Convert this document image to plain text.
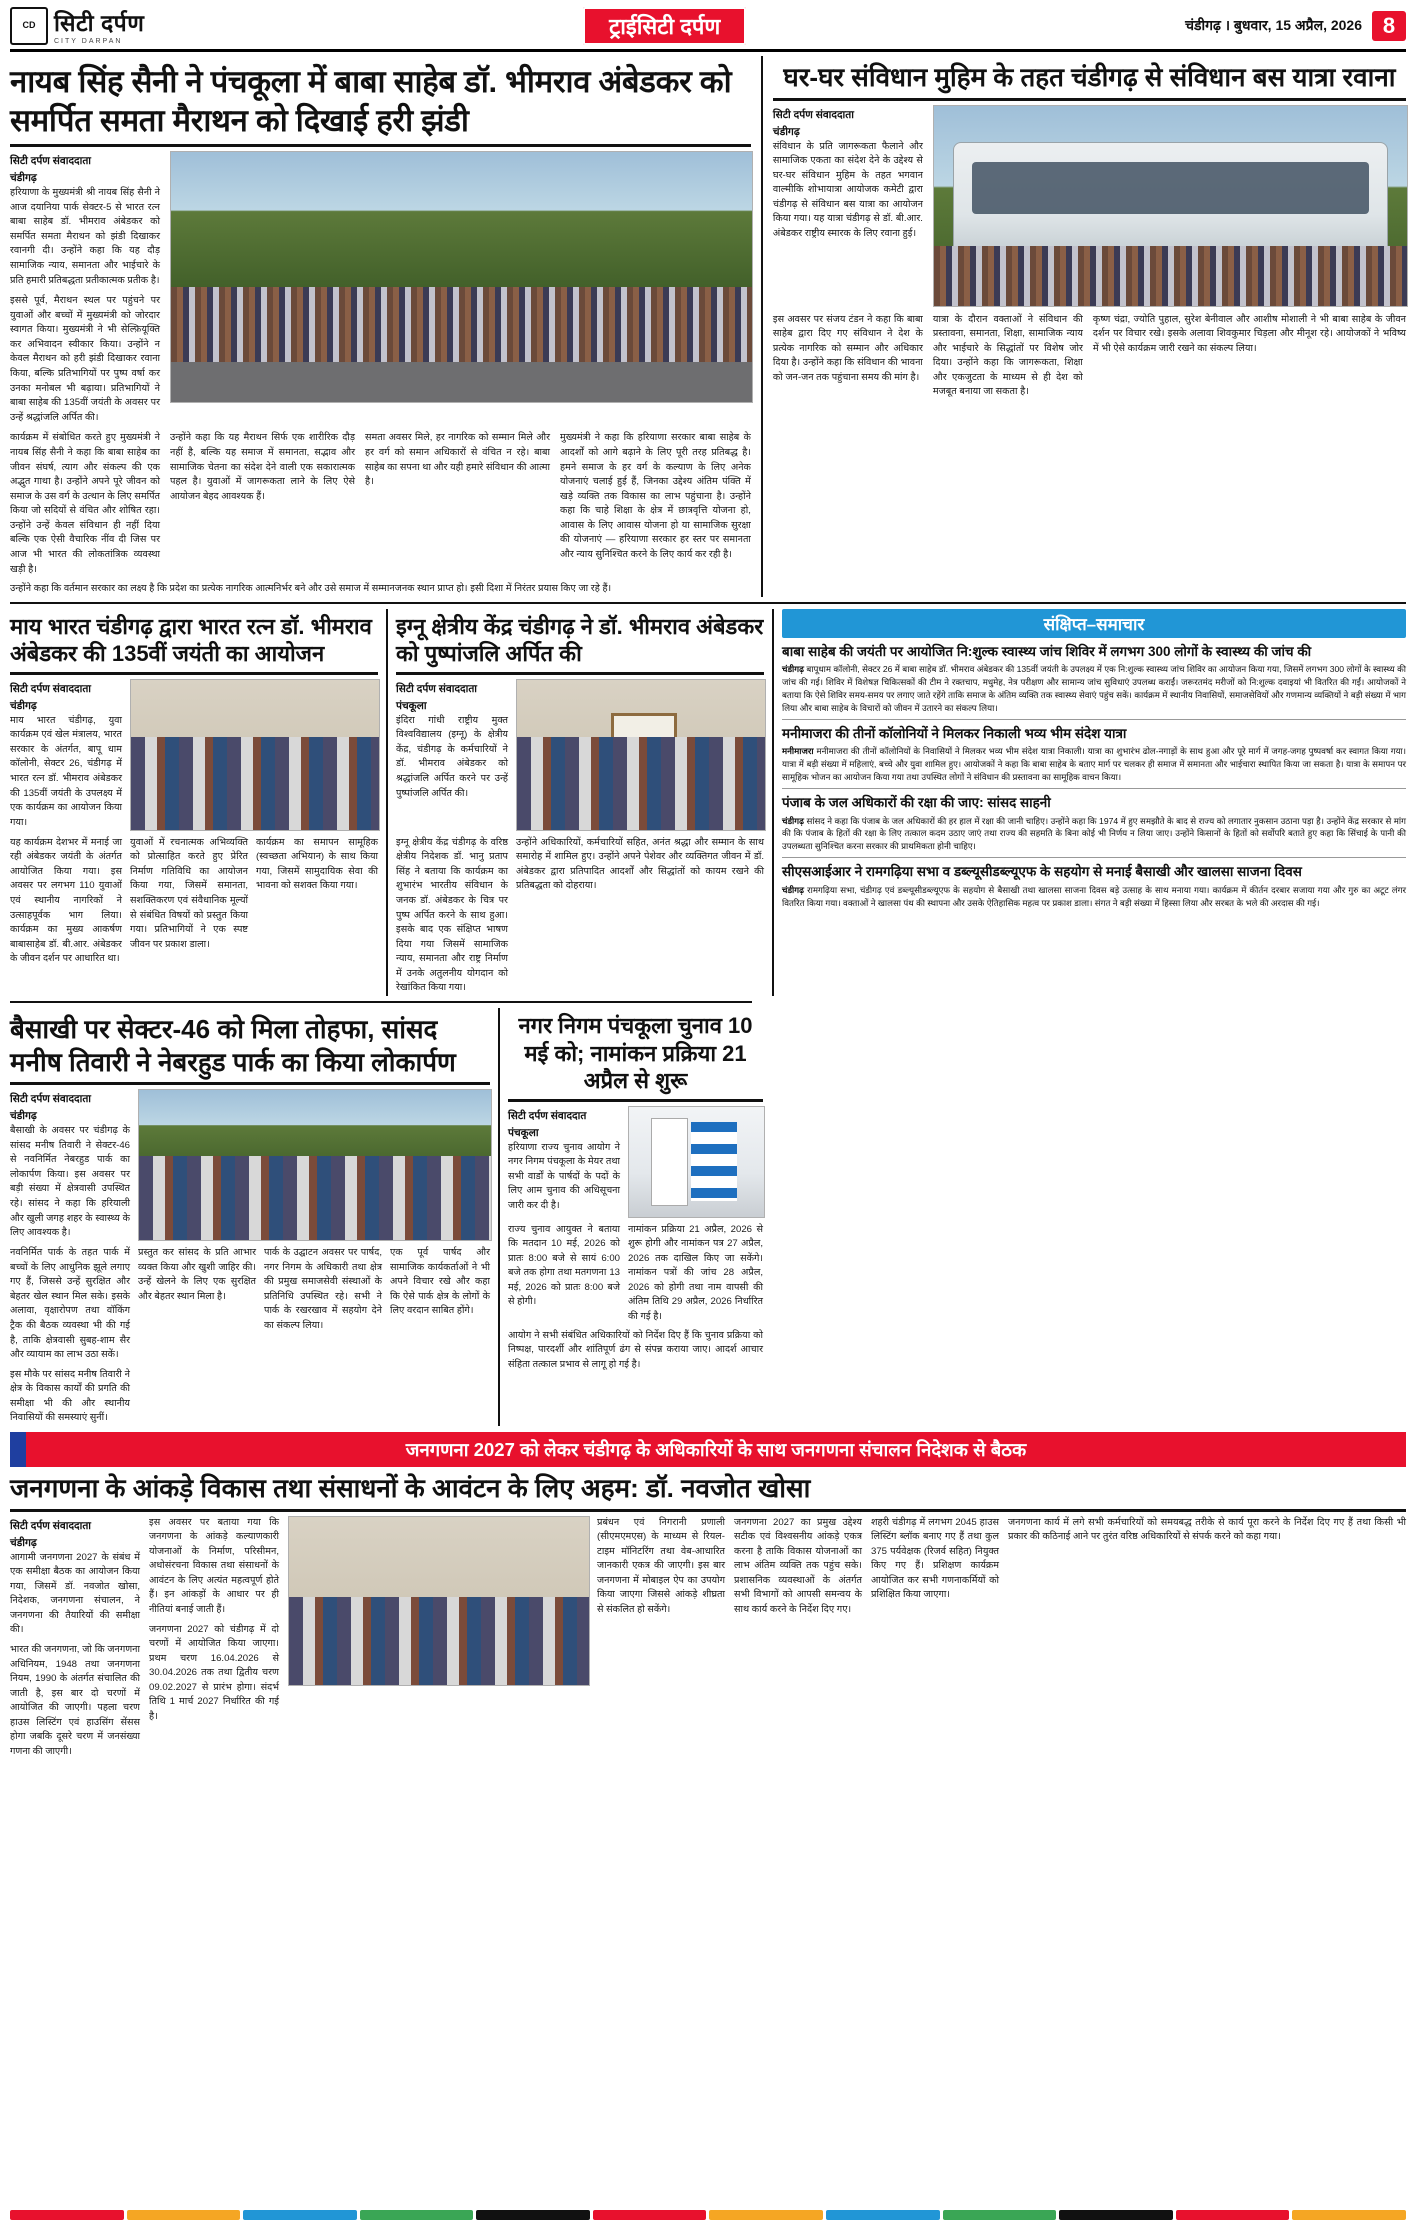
CD सिटी दर्पण
CITY DARPAN
ट्राईसिटी दर्पण	चंडीगढ़ । बुधवार, 15 अप्रैल, 2026 8
नायब सिंह सैनी ने पंचकूला में बाबा साहेब डॉ. भीमराव अंबेडकर को समर्पित समता मैराथन को दिखाई हरी झंडी
सिटी दर्पण संवाददाता
चंडीगढ़
हरियाणा के मुख्यमंत्री श्री नायब सिंह सैनी ने आज दयानिया पार्क सेक्टर-5 से भारत रत्न बाबा साहेब डॉ. भीमराव अंबेडकर को समर्पित समता मैराथन को झंडी दिखाकर रवानगी दी। उन्होंने कहा कि यह दौड़ सामाजिक न्याय, समानता और भाईचारे के प्रति हमारी प्रतिबद्धता प्रतीकात्मक प्रतीक है।
इससे पूर्व, मैराथन स्थल पर पहुंचने पर युवाओं और बच्चों में मुख्यमंत्री को जोरदार स्वागत किया। मुख्यमंत्री ने भी सेल्फ़ियूक्ति कर अभिवादन स्वीकार किया। उन्होंने न केवल मैराथन को हरी झंडी दिखाकर रवाना किया, बल्कि प्रतिभागियों पर पुष्प वर्षा कर उनका मनोबल भी बढ़ाया। प्रतिभागियों ने बाबा साहेब की 135वीं जयंती के अवसर पर उन्हें श्रद्धांजलि अर्पित की।
कार्यक्रम में संबोधित करते हुए मुख्यमंत्री ने नायब सिंह सैनी ने कहा कि बाबा साहेब का जीवन संघर्ष, त्याग और संकल्प की एक अद्भुत गाथा है। उन्होंने अपने पूरे जीवन को समाज के उस वर्ग के उत्थान के लिए समर्पित किया जो सदियों से वंचित और शोषित रहा। उन्होंने उन्हें केवल संविधान ही नहीं दिया बल्कि एक ऐसी वैचारिक नींव दी जिस पर आज भी भारत की लोकतांत्रिक व्यवस्था खड़ी है।
उन्होंने कहा कि यह मैराथन सिर्फ एक शारीरिक दौड़ नहीं है, बल्कि यह समाज में समानता, सद्भाव और सामाजिक चेतना का संदेश देने वाली एक सकारात्मक पहल है। युवाओं में जागरूकता लाने के लिए ऐसे आयोजन बेहद आवश्यक हैं।
समता अवसर मिले, हर नागरिक को सम्मान मिले और हर वर्ग को समान अधिकारों से वंचित न रहे। बाबा साहेब का सपना था और यही हमारे संविधान की आत्मा है।
मुख्यमंत्री ने कहा कि हरियाणा सरकार बाबा साहेब के आदर्शों को आगे बढ़ाने के लिए पूरी तरह प्रतिबद्ध है। हमने समाज के हर वर्ग के कल्याण के लिए अनेक योजनाएं चलाई हुई हैं, जिनका उद्देश्य अंतिम पंक्ति में खड़े व्यक्ति तक विकास का लाभ पहुंचाना है। उन्होंने कहा कि चाहे शिक्षा के क्षेत्र में छात्रवृत्ति योजना हो, आवास के लिए आवास योजना हो या सामाजिक सुरक्षा की योजनाएं — हरियाणा सरकार हर स्तर पर समानता और न्याय सुनिश्चित करने के लिए कार्य कर रही है।
उन्होंने कहा कि वर्तमान सरकार का लक्ष्य है कि प्रदेश का प्रत्येक नागरिक आत्मनिर्भर बने और उसे समाज में सम्मानजनक स्थान प्राप्त हो। इसी दिशा में निरंतर प्रयास किए जा रहे हैं।
घर-घर संविधान मुहिम के तहत चंडीगढ़ से संविधान बस यात्रा रवाना
सिटी दर्पण संवाददाता
चंडीगढ़
संविधान के प्रति जागरूकता फैलाने और सामाजिक एकता का संदेश देने के उद्देश्य से घर-घर संविधान मुहिम के तहत भगवान वाल्मीकि शोभायात्रा आयोजक कमेटी द्वारा चंडीगढ़ से संविधान बस यात्रा का आयोजन किया गया। यह यात्रा चंडीगढ़ से डॉ. बी.आर. अंबेडकर राष्ट्रीय स्मारक के लिए रवाना हुई।
इस अवसर पर संजय टंडन ने कहा कि बाबा साहेब द्वारा दिए गए संविधान ने देश के प्रत्येक नागरिक को सम्मान और अधिकार दिया है। उन्होंने कहा कि संविधान की भावना को जन-जन तक पहुंचाना समय की मांग है।
यात्रा के दौरान वक्ताओं ने संविधान की प्रस्तावना, समानता, शिक्षा, सामाजिक न्याय और भाईचारे के सिद्धांतों पर विशेष जोर दिया। उन्होंने कहा कि जागरूकता, शिक्षा और एकजुटता के माध्यम से ही देश को मजबूत बनाया जा सकता है।
कृष्ण चंद्रा, ज्योति पुहाल, सुरेश बेनीवाल और आशीष मोशाली ने भी बाबा साहेब के जीवन दर्शन पर विचार रखे। इसके अलावा शिवकुमार चिड़ला और मीनूश रहे। आयोजकों ने भविष्य में भी ऐसे कार्यक्रम जारी रखने का संकल्प लिया।
माय भारत चंडीगढ़ द्वारा भारत रत्न डॉ. भीमराव अंबेडकर की 135वीं जयंती का आयोजन
सिटी दर्पण संवाददाता
चंडीगढ़
माय भारत चंडीगढ़, युवा कार्यक्रम एवं खेल मंत्रालय, भारत सरकार के अंतर्गत, बापू धाम कॉलोनी, सेक्टर 26, चंडीगढ़ में भारत रत्न डॉ. भीमराव अंबेडकर की 135वीं जयंती के उपलक्ष्य में एक कार्यक्रम का आयोजन किया गया।
यह कार्यक्रम देशभर में मनाई जा रही अंबेडकर जयंती के अंतर्गत आयोजित किया गया। इस अवसर पर लगभग 110 युवाओं एवं स्थानीय नागरिकों ने उत्साहपूर्वक भाग लिया। कार्यक्रम का मुख्य आकर्षण बाबासाहेब डॉ. बी.आर. अंबेडकर के जीवन दर्शन पर आधारित था।
युवाओं में रचनात्मक अभिव्यक्ति को प्रोत्साहित करते हुए प्रेरित निर्माण गतिविधि का आयोजन किया गया, जिसमें समानता, सशक्तिकरण एवं संवैधानिक मूल्यों से संबंधित विषयों को प्रस्तुत किया गया। प्रतिभागियों ने एक स्पष्ट जीवन पर प्रकाश डाला।
कार्यक्रम का समापन सामूहिक (स्वच्छता अभियान) के साथ किया गया, जिसमें सामुदायिक सेवा की भावना को सशक्त किया गया।
इग्नू क्षेत्रीय केंद्र चंडीगढ़ ने डॉ. भीमराव अंबेडकर को पुष्पांजलि अर्पित की
सिटी दर्पण संवाददाता
पंचकूला
इंदिरा गांधी राष्ट्रीय मुक्त विश्वविद्यालय (इग्नू) के क्षेत्रीय केंद्र, चंडीगढ़ के कर्मचारियों ने डॉ. भीमराव अंबेडकर को श्रद्धांजलि अर्पित करने पर उन्हें पुष्पांजलि अर्पित की।
इग्नू क्षेत्रीय केंद्र चंडीगढ़ के वरिष्ठ क्षेत्रीय निदेशक डॉ. भानु प्रताप सिंह ने बताया कि कार्यक्रम का शुभारंभ भारतीय संविधान के जनक डॉ. अंबेडकर के चित्र पर पुष्प अर्पित करने के साथ हुआ। इसके बाद एक संक्षिप्त भाषण दिया गया जिसमें सामाजिक न्याय, समानता और राष्ट्र निर्माण में उनके अतुलनीय योगदान को रेखांकित किया गया।
उन्होंने अधिकारियों, कर्मचारियों सहित, अनंत श्रद्धा और सम्मान के साथ समारोह में शामिल हुए। उन्होंने अपने पेशेवर और व्यक्तिगत जीवन में डॉ. अंबेडकर द्वारा प्रतिपादित आदर्शों और सिद्धांतों को कायम रखने की प्रतिबद्धता को दोहराया।
संक्षिप्त–समाचार
बाबा साहेब की जयंती पर आयोजित नि:शुल्क स्वास्थ्य जांच शिविर में लगभग 300 लोगों के स्वास्थ्य की जांच की
चंडीगढ़ बापूधाम कॉलोनी, सेक्टर 26 में बाबा साहेब डॉ. भीमराव अंबेडकर की 135वीं जयंती के उपलक्ष्य में एक नि:शुल्क स्वास्थ्य जांच शिविर का आयोजन किया गया, जिसमें लगभग 300 लोगों के स्वास्थ्य की जांच की गई। शिविर में विशेषज्ञ चिकित्सकों की टीम ने रक्तचाप, मधुमेह, नेत्र परीक्षण और सामान्य जांच सुविधाएं उपलब्ध कराईं। जरूरतमंद मरीजों को नि:शुल्क दवाइयां भी वितरित की गईं। आयोजकों ने बताया कि ऐसे शिविर समय-समय पर लगाए जाते रहेंगे ताकि समाज के अंतिम व्यक्ति तक स्वास्थ्य सेवाएं पहुंच सकें। कार्यक्रम में स्थानीय निवासियों, समाजसेवियों और गणमान्य व्यक्तियों ने बड़ी संख्या में भाग लिया और बाबा साहेब के विचारों को जीवन में उतारने का संकल्प लिया।
मनीमाजरा की तीनों कॉलोनियों ने मिलकर निकाली भव्य भीम संदेश यात्रा
मनीमाजरा मनीमाजरा की तीनों कॉलोनियों के निवासियों ने मिलकर भव्य भीम संदेश यात्रा निकाली। यात्रा का शुभारंभ ढोल-नगाड़ों के साथ हुआ और पूरे मार्ग में जगह-जगह पुष्पवर्षा कर स्वागत किया गया। यात्रा में बड़ी संख्या में महिलाएं, बच्चे और युवा शामिल हुए। आयोजकों ने कहा कि बाबा साहेब के बताए मार्ग पर चलकर ही समाज में समानता और भाईचारा स्थापित किया जा सकता है। यात्रा के समापन पर सामूहिक भोजन का आयोजन किया गया तथा उपस्थित लोगों ने संविधान की प्रस्तावना का सामूहिक वाचन किया।
पंजाब के जल अधिकारों की रक्षा की जाए: सांसद साहनी
चंडीगढ़ सांसद ने कहा कि पंजाब के जल अधिकारों की हर हाल में रक्षा की जानी चाहिए। उन्होंने कहा कि 1974 में हुए समझौते के बाद से राज्य को लगातार नुकसान उठाना पड़ा है। उन्होंने केंद्र सरकार से मांग की कि पंजाब के हितों की रक्षा के लिए तत्काल कदम उठाए जाएं तथा राज्य की सहमति के बिना कोई भी निर्णय न लिया जाए। उन्होंने किसानों के हितों को सर्वोपरि बताते हुए कहा कि सिंचाई के पानी की उपलब्धता सुनिश्चित करना सरकार की प्राथमिकता होनी चाहिए।
सीएसआईआर ने रामगढ़िया सभा व डब्ल्यूसीडब्ल्यूएफ के सहयोग से मनाई बैसाखी और खालसा साजना दिवस
चंडीगढ़ रामगढ़िया सभा, चंडीगढ़ एवं डब्ल्यूसीडब्ल्यूएफ के सहयोग से बैसाखी तथा खालसा साजना दिवस बड़े उत्साह के साथ मनाया गया। कार्यक्रम में कीर्तन दरबार सजाया गया और गुरु का अटूट लंगर वितरित किया गया। वक्ताओं ने खालसा पंथ की स्थापना और उसके ऐतिहासिक महत्व पर प्रकाश डाला। संगत ने बड़ी संख्या में हिस्सा लिया और सरबत के भले की अरदास की गई।
बैसाखी पर सेक्टर-46 को मिला तोहफा, सांसद मनीष तिवारी ने नेबरहुड पार्क का किया लोकार्पण
सिटी दर्पण संवाददाता
चंडीगढ़
बैसाखी के अवसर पर चंडीगढ़ के सांसद मनीष तिवारी ने सेक्टर-46 से नवनिर्मित नेबरहुड पार्क का लोकार्पण किया। इस अवसर पर बड़ी संख्या में क्षेत्रवासी उपस्थित रहे। सांसद ने कहा कि हरियाली और खुली जगह शहर के स्वास्थ्य के लिए आवश्यक है।
नवनिर्मित पार्क के तहत पार्क में बच्चों के लिए आधुनिक झूले लगाए गए हैं, जिससे उन्हें सुरक्षित और बेहतर खेल स्थान मिल सके। इसके अलावा, वृक्षारोपण तथा वॉकिंग ट्रैक की बैठक व्यवस्था भी की गई है, ताकि क्षेत्रवासी सुबह-शाम सैर और व्यायाम का लाभ उठा सकें।
इस मौके पर सांसद मनीष तिवारी ने क्षेत्र के विकास कार्यों की प्रगति की समीक्षा भी की और स्थानीय निवासियों की समस्याएं सुनीं।
प्रस्तुत कर सांसद के प्रति आभार व्यक्त किया और खुशी जाहिर की। उन्हें खेलने के लिए एक सुरक्षित और बेहतर स्थान मिला है।
पार्क के उद्घाटन अवसर पर पार्षद, नगर निगम के अधिकारी तथा क्षेत्र की प्रमुख समाजसेवी संस्थाओं के प्रतिनिधि उपस्थित रहे। सभी ने पार्क के रखरखाव में सहयोग देने का संकल्प लिया।
एक पूर्व पार्षद और सामाजिक कार्यकर्ताओं ने भी अपने विचार रखे और कहा कि ऐसे पार्क क्षेत्र के लोगों के लिए वरदान साबित होंगे।
नगर निगम पंचकूला चुनाव 10 मई को; नामांकन प्रक्रिया 21 अप्रैल से शुरू
सिटी दर्पण संवाददात
पंचकूला
हरियाणा राज्य चुनाव आयोग ने नगर निगम पंचकूला के मेयर तथा सभी वार्डों के पार्षदों के पदों के लिए आम चुनाव की अधिसूचना जारी कर दी है।
राज्य चुनाव आयुक्त ने बताया कि मतदान 10 मई, 2026 को प्रातः 8:00 बजे से सायं 6:00 बजे तक होगा तथा मतगणना 13 मई, 2026 को प्रातः 8:00 बजे से होगी।
नामांकन प्रक्रिया 21 अप्रैल, 2026 से शुरू होगी और नामांकन पत्र 27 अप्रैल, 2026 तक दाखिल किए जा सकेंगे। नामांकन पत्रों की जांच 28 अप्रैल, 2026 को होगी तथा नाम वापसी की अंतिम तिथि 29 अप्रैल, 2026 निर्धारित की गई है।
आयोग ने सभी संबंधित अधिकारियों को निर्देश दिए हैं कि चुनाव प्रक्रिया को निष्पक्ष, पारदर्शी और शांतिपूर्ण ढंग से संपन्न कराया जाए। आदर्श आचार संहिता तत्काल प्रभाव से लागू हो गई है।
जनगणना 2027 को लेकर चंडीगढ़ के अधिकारियों के साथ जनगणना संचालन निदेशक से बैठक
जनगणना के आंकड़े विकास तथा संसाधनों के आवंटन के लिए अहम: डॉ. नवजोत खोसा
सिटी दर्पण संवाददाता
चंडीगढ़
आगामी जनगणना 2027 के संबंध में एक समीक्षा बैठक का आयोजन किया गया, जिसमें डॉ. नवजोत खोसा, निदेशक, जनगणना संचालन, ने जनगणना की तैयारियों की समीक्षा की।
भारत की जनगणना, जो कि जनगणना अधिनियम, 1948 तथा जनगणना नियम, 1990 के अंतर्गत संचालित की जाती है, इस बार दो चरणों में आयोजित की जाएगी। पहला चरण हाउस लिस्टिंग एवं हाउसिंग सेंसस होगा जबकि दूसरे चरण में जनसंख्या गणना की जाएगी।
इस अवसर पर बताया गया कि जनगणना के आंकड़े कल्याणकारी योजनाओं के निर्माण, परिसीमन, अधोसंरचना विकास तथा संसाधनों के आवंटन के लिए अत्यंत महत्वपूर्ण होते हैं। इन आंकड़ों के आधार पर ही नीतियां बनाई जाती हैं।
जनगणना 2027 को चंडीगढ़ में दो चरणों में आयोजित किया जाएगा। प्रथम चरण 16.04.2026 से 30.04.2026 तक तथा द्वितीय चरण 09.02.2027 से प्रारंभ होगा। संदर्भ तिथि 1 मार्च 2027 निर्धारित की गई है।
प्रबंधन एवं निगरानी प्रणाली (सीएमएमएस) के माध्यम से रियल-टाइम मॉनिटरिंग तथा वेब-आधारित जानकारी एकत्र की जाएगी। इस बार जनगणना में मोबाइल ऐप का उपयोग किया जाएगा जिससे आंकड़े शीघ्रता से संकलित हो सकेंगे।
जनगणना 2027 का प्रमुख उद्देश्य सटीक एवं विश्वसनीय आंकड़े एकत्र करना है ताकि विकास योजनाओं का लाभ अंतिम व्यक्ति तक पहुंच सके। प्रशासनिक व्यवस्थाओं के अंतर्गत सभी विभागों को आपसी समन्वय के साथ कार्य करने के निर्देश दिए गए।
शहरी चंडीगढ़ में लगभग 2045 हाउस लिस्टिंग ब्लॉक बनाए गए हैं तथा कुल 375 पर्यवेक्षक (रिजर्व सहित) नियुक्त किए गए हैं। प्रशिक्षण कार्यक्रम आयोजित कर सभी गणनाकर्मियों को प्रशिक्षित किया जाएगा।
जनगणना कार्य में लगे सभी कर्मचारियों को समयबद्ध तरीके से कार्य पूरा करने के निर्देश दिए गए हैं तथा किसी भी प्रकार की कठिनाई आने पर तुरंत वरिष्ठ अधिकारियों से संपर्क करने को कहा गया।
